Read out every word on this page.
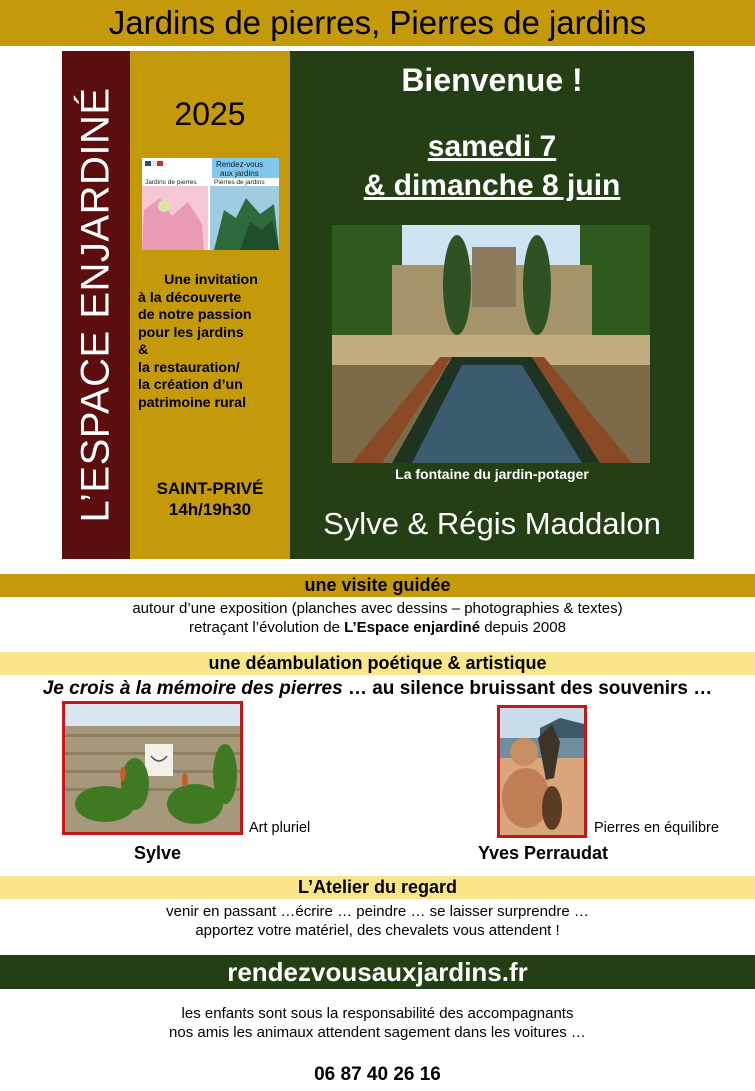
Jardins de pierres, Pierres de jardins
L’ESPACE ENJARDINÉ	2025
Rendez-vous
aux jardins
Jardins de pierres	Pierres de jardins
Une invitation
à la découverte
de notre passion
pour les jardins
&
la restauration/
la création d’un
patrimoine rural
SAINT-PRIVÉ
14h/19h30
Bienvenue !
samedi 7
& dimanche 8 juin
La fontaine du jardin-potager
Sylve & Régis Maddalon
une visite guidée
autour d’une exposition (planches avec dessins – photographies & textes)
retraçant l’évolution de L’Espace enjardiné depuis 2008
une déambulation poétique & artistique
Je crois à la mémoire des pierres … au silence bruissant des souvenirs …
Art pluriel
Sylve
Pierres en équilibre
Yves Perraudat
L’Atelier du regard
venir en passant …écrire … peindre … se laisser surprendre …
apportez votre matériel, des chevalets vous attendent !
rendezvousauxjardins.fr
les enfants sont sous la responsabilité des accompagnants
nos amis les animaux attendent sagement dans les voitures …
06 87 40 26 16
